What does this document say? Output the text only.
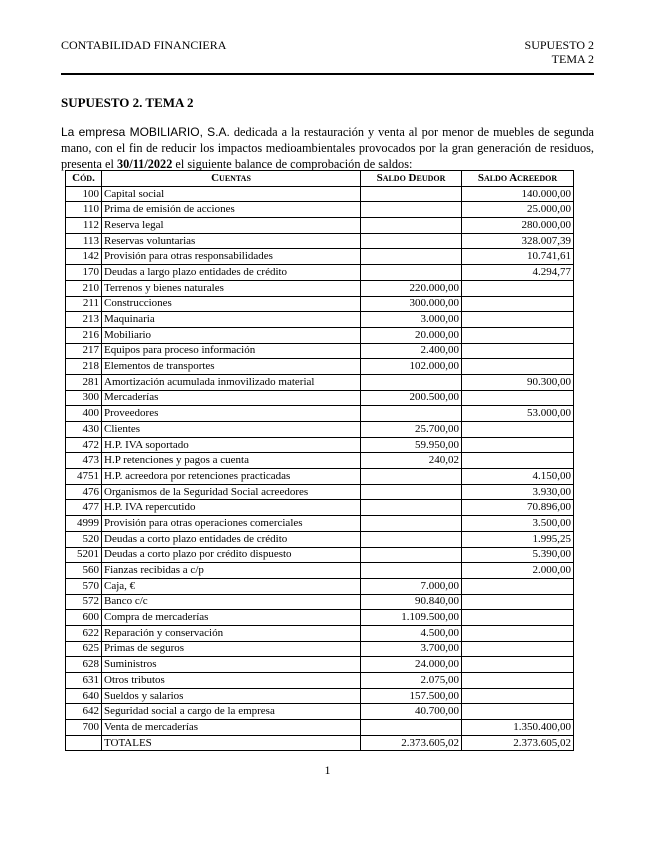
CONTABILIDAD FINANCIERA	SUPUESTO 2
TEMA 2
SUPUESTO 2. TEMA 2

La empresa MOBILIARIO, S.A. dedicada a la restauración y venta al por menor de muebles de segunda mano, con el fin de reducir los impactos medioambientales provocados por la gran generación de residuos, presenta el 30/11/2022 el siguiente balance de comprobación de saldos:

Cód.	Cuentas	Saldo Deudor	Saldo Acreedor
100	Capital social		140.000,00
110	Prima de emisión de acciones		25.000,00
112	Reserva legal		280.000,00
113	Reservas voluntarias		328.007,39
142	Provisión para otras responsabilidades		10.741,61
170	Deudas a largo plazo entidades de crédito		4.294,77
210	Terrenos y bienes naturales	220.000,00	
211	Construcciones	300.000,00	
213	Maquinaria	3.000,00	
216	Mobiliario	20.000,00	
217	Equipos para proceso información	2.400,00	
218	Elementos de transportes	102.000,00	
281	Amortización acumulada inmovilizado material		90.300,00
300	Mercaderías	200.500,00	
400	Proveedores		53.000,00
430	Clientes	25.700,00	
472	H.P. IVA soportado	59.950,00	
473	H.P retenciones y pagos a cuenta	240,02	
4751	H.P. acreedora por retenciones practicadas		4.150,00
476	Organismos de la Seguridad Social acreedores		3.930,00
477	H.P. IVA repercutido		70.896,00
4999	Provisión para otras operaciones comerciales		3.500,00
520	Deudas a corto plazo entidades de crédito		1.995,25
5201	Deudas a corto plazo por crédito dispuesto		5.390,00
560	Fianzas recibidas a c/p		2.000,00
570	Caja, €	7.000,00	
572	Banco c/c	90.840,00	
600	Compra de mercaderías	1.109.500,00	
622	Reparación y conservación	4.500,00	
625	Primas de seguros	3.700,00	
628	Suministros	24.000,00	
631	Otros tributos	2.075,00	
640	Sueldos y salarios	157.500,00	
642	Seguridad social a cargo de la empresa	40.700,00	
700	Venta de mercaderías		1.350.400,00
	TOTALES	2.373.605,02	2.373.605,02
1
